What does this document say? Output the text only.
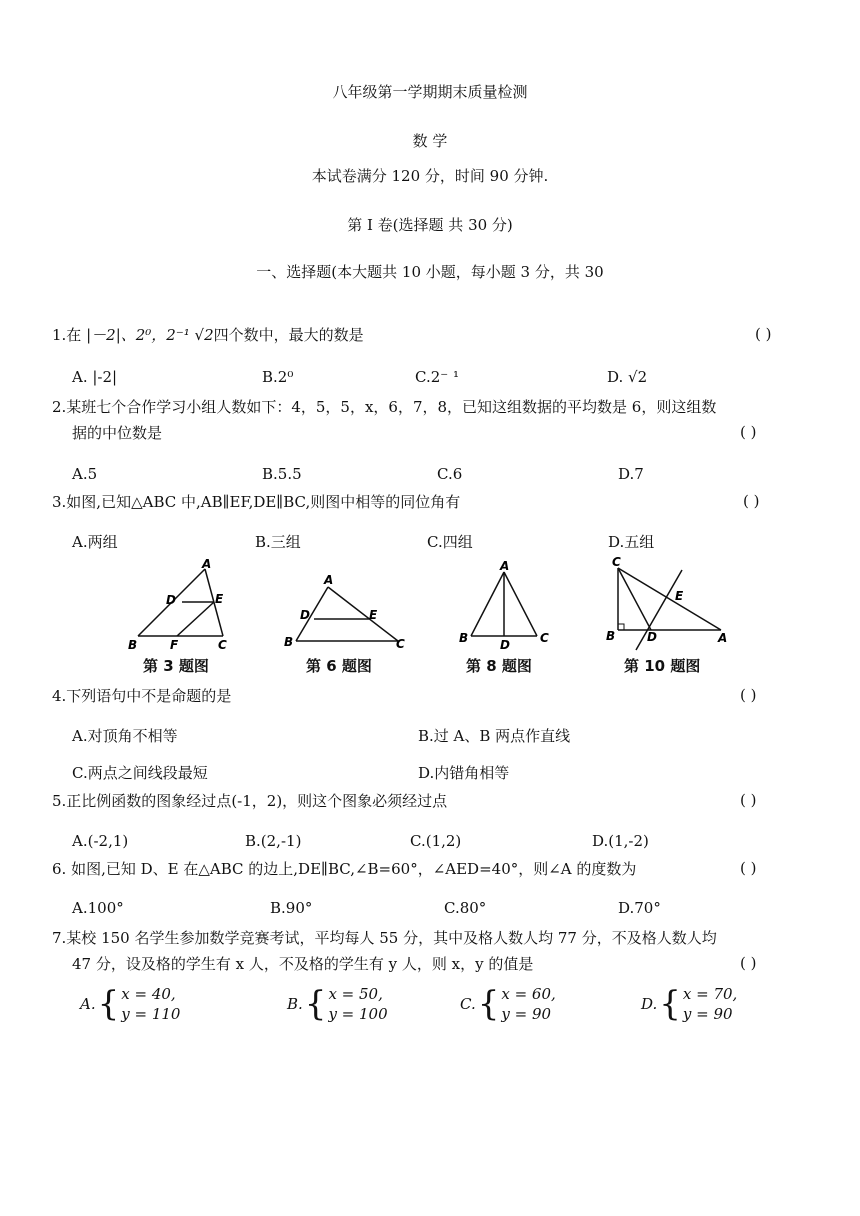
八年级第一学期期末质量检测
数 学
本试卷满分 120 分，时间 90 分钟.
第 I 卷(选择题 共 30 分)
一、选择题(本大题共 10 小题，每小题 3 分，共 30
1.在 |－2|、2⁰，2⁻¹ √2四个数中，最大的数是	( )
A. |-2|	B.2⁰	C.2⁻ ¹	D. √2
2.某班七个合作学习小组人数如下：4，5，5，x，6，7，8，已知这组数据的平均数是 6，则这组数
据的中位数是	( )
A.5	B.5.5	C.6	D.7
3.如图,已知△ABC 中,AB∥EF,DE∥BC,则图中相等的同位角有	( )
A.两组	B.三组	C.四组	D.五组
A
D	E
B	F	C
A
D	E
B	C
A
B	C
D
C
E
B	D	A
第 3 题图	第 6 题图	第 8 题图	第 10 题图
4.下列语句中不是命题的是	( )
A.对顶角不相等	B.过 A、B 两点作直线
C.两点之间线段最短	D.内错角相等
5.正比例函数的图象经过点(-1，2)，则这个图象必须经过点	( )
A.(-2,1)	B.(2,-1)	C.(1,2)	D.(1,-2)
6. 如图,已知 D、E 在△ABC 的边上,DE∥BC,∠B=60°，∠AED=40°，则∠A 的度数为	( )
A.100°	B.90°	C.80°	D.70°
7.某校 150 名学生参加数学竞赛考试，平均每人 55 分，其中及格人数人均 77 分，不及格人数人均
47 分，设及格的学生有 x 人，不及格的学生有 y 人，则 x，y 的值是	( )
A. { x = 40,
y = 110
B. { x = 50,
y = 100
C. { x = 60,
y = 90
D. { x = 70,
y = 90
